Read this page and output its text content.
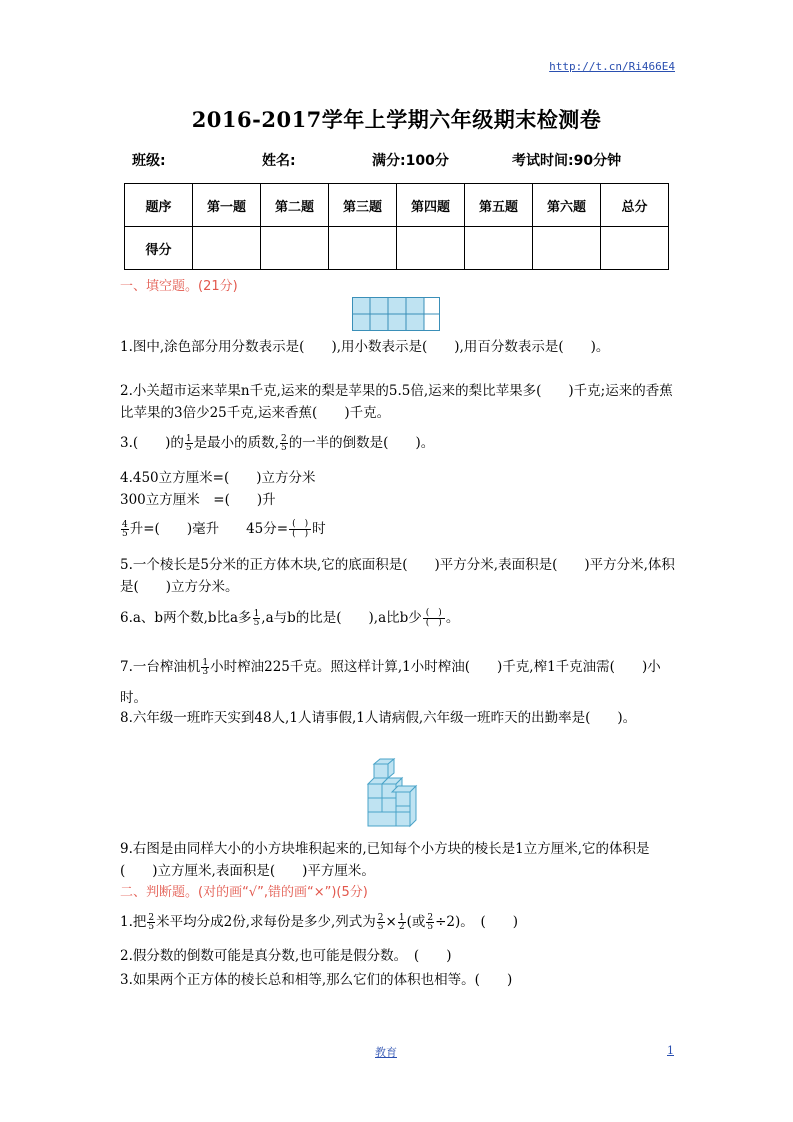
http://t.cn/Ri466E4
2016-2017学年上学期六年级期末检测卷
班级:	姓名:	满分:100分	考试时间:90分钟
题序	第一题	第二题	第三题	第四题	第五题	第六题	总分
得分							
一、填空题。(21分)
1.图中,涂色部分用分数表示是(　　),用小数表示是(　　),用百分数表示是(　　)。
2.小关超市运来苹果n千克,运来的梨是苹果的5.5倍,运来的梨比苹果多(　　)千克;运来的香蕉比苹果的3倍少25千克,运来香蕉(　　)千克。
3.(　　)的 $\frac{1}{5}$ 是最小的质数, $\frac{2}{5}$ 的一半的倒数是(　　)。
4.450立方厘米=(　　)立方分米
300立方厘米　=(　　)升
$\frac{4}{5}$ 升=(　　)毫升　　45分= (　)
(　) 时
5.一个棱长是5分米的正方体木块,它的底面积是(　　)平方分米,表面积是(　　)平方分米,体积是(　　)立方分米。
6.a、b两个数,b比a多 $\frac{1}{5} ,a$与b的比是(　　),a比b少 (　)
(　) 。
7.一台榨油机 $\frac{1}{3}$ 小时榨油225千克。照这样计算,1小时榨油(　　)千克,榨1千克油需(　　)小时。
8.六年级一班昨天实到48人,1人请事假,1人请病假,六年级一班昨天的出勤率是(　　)。
9.右图是由同样大小的小方块堆积起来的,已知每个小方块的棱长是1立方厘米,它的体积是(　　)立方厘米,表面积是(　　)平方厘米。
二、判断题。(对的画“√”,错的画“×”)(5分)
1.把 $\frac{2}{5}$ 米平均分成2份,求每份是多少,列式为 $\frac{2}{5} \times \frac{1}{2}$ (或 $\frac{2}{5} \div 2$)。　(　　)
2.假分数的倒数可能是真分数,也可能是假分数。　(　　)
3.如果两个正方体的棱长总和相等,那么它们的体积也相等。(　　)
教育	1
